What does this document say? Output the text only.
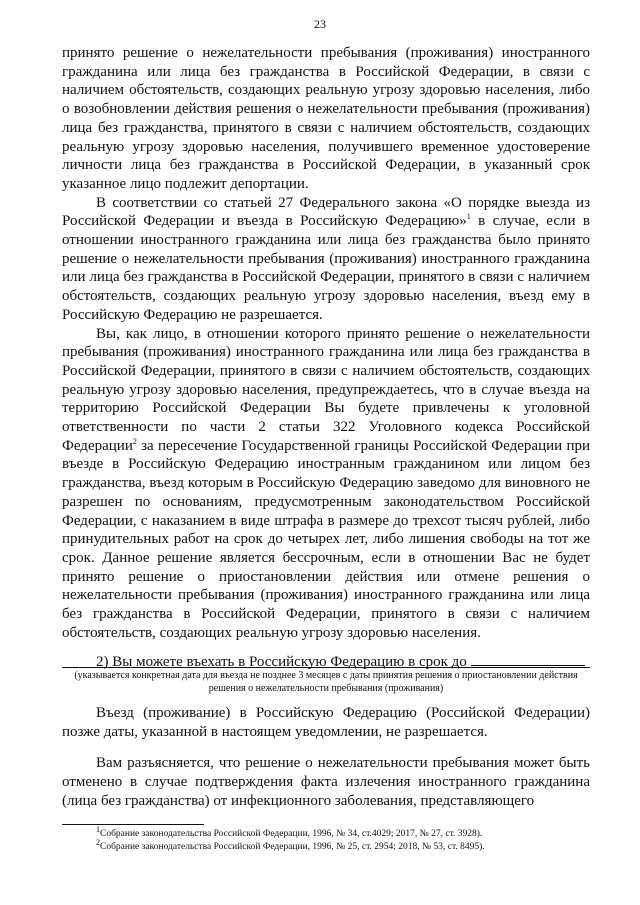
23

принято решение о нежелательности пребывания (проживания) иностранного гражданина или лица без гражданства в Российской Федерации, в связи с наличием обстоятельств, создающих реальную угрозу здоровью населения, либо о возобновлении действия решения о нежелательности пребывания (проживания) лица без гражданства, принятого в связи с наличием обстоятельств, создающих реальную угрозу здоровью населения, получившего временное удостоверение личности лица без гражданства в Российской Федерации, в указанный срок указанное лицо подлежит депортации.

В соответствии со статьей 27 Федерального закона «О порядке выезда из Российской Федерации и въезда в Российскую Федерацию»$^1$ в случае, если в отношении иностранного гражданина или лица без гражданства было принято решение о нежелательности пребывания (проживания) иностранного гражданина или лица без гражданства в Российской Федерации, принятого в связи с наличием обстоятельств, создающих реальную угрозу здоровью населения, въезд ему в Российскую Федерацию не разрешается.

Вы, как лицо, в отношении которого принято решение о нежелательности пребывания (проживания) иностранного гражданина или лица без гражданства в Российской Федерации, принятого в связи с наличием обстоятельств, создающих реальную угрозу здоровью населения, предупреждаетесь, что в случае въезда на территорию Российской Федерации Вы будете привлечены к уголовной ответственности по части 2 статьи 322 Уголовного кодекса Российской Федерации$^2$ за пересечение Государственной границы Российской Федерации при въезде в Российскую Федерацию иностранным гражданином или лицом без гражданства, въезд которым в Российскую Федерацию заведомо для виновного не разрешен по основаниям, предусмотренным законодательством Российской Федерации, с наказанием в виде штрафа в размере до трехсот тысяч рублей, либо принудительных работ на срок до четырех лет, либо лишения свободы на тот же срок. Данное решение является бессрочным, если в отношении Вас не будет принято решение о приостановлении действия или отмене решения о нежелательности пребывания (проживания) иностранного гражданина или лица без гражданства в Российской Федерации, принятого в связи с наличием обстоятельств, создающих реальную угрозу здоровью населения.

2) Вы можете въехать в Российскую Федерацию в срок до

(указывается конкретная дата для въезда не позднее 3 месяцев с даты принятия решения о приостановлении действия решения о нежелательности пребывания (проживания)

Въезд (проживание) в Российскую Федерацию (Российской Федерации) позже даты, указанной в настоящем уведомлении, не разрешается.

Вам разъясняется, что решение о нежелательности пребывания может быть отменено в случае подтверждения факта излечения иностранного гражданина (лица без гражданства) от инфекционного заболевания, представляющего

$^1$Собрание законодательства Российской Федерации, 1996, № 34, ст.4029; 2017, № 27, ст. 3928).
$^2$Собрание законодательства Российской Федерации, 1996, № 25, ст. 2954; 2018, № 53, ст. 8495).
